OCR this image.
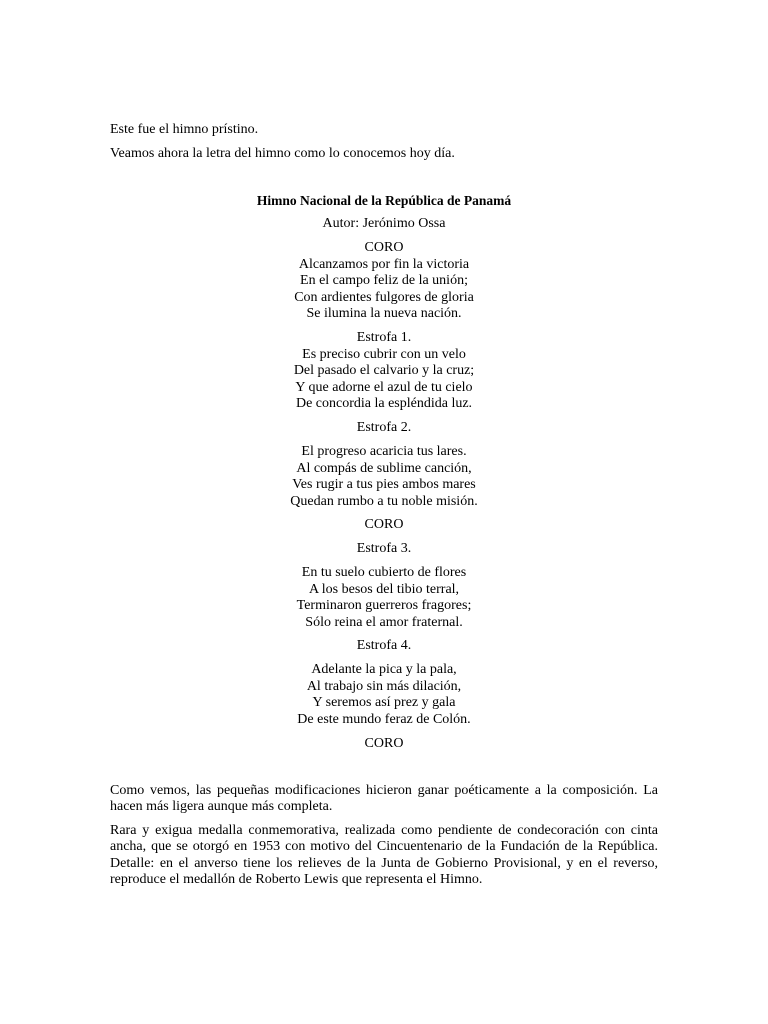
Este fue el himno prístino.

Veamos ahora la letra del himno como lo conocemos hoy día.

Himno Nacional de la República de Panamá
Autor: Jerónimo Ossa
CORO
Alcanzamos por fin la victoria
En el campo feliz de la unión;
Con ardientes fulgores de gloria
Se ilumina la nueva nación.
Estrofa 1.
Es preciso cubrir con un velo
Del pasado el calvario y la cruz;
Y que adorne el azul de tu cielo
De concordia la espléndida luz.
Estrofa 2.
El progreso acaricia tus lares.
Al compás de sublime canción,
Ves rugir a tus pies ambos mares
Quedan rumbo a tu noble misión.
CORO
Estrofa 3.
En tu suelo cubierto de flores
A los besos del tibio terral,
Terminaron guerreros fragores;
Sólo reina el amor fraternal.
Estrofa 4.
Adelante la pica y la pala,
Al trabajo sin más dilación,
Y seremos así prez y gala
De este mundo feraz de Colón.
CORO

Como vemos, las pequeñas modificaciones hicieron ganar poéticamente a la composición. La

hacen más ligera aunque más completa.

Rara y exigua medalla conmemorativa, realizada como pendiente de condecoración con cinta

ancha, que se otorgó en 1953 con motivo del Cincuentenario de la Fundación de la República.

Detalle: en el anverso tiene los relieves de la Junta de Gobierno Provisional, y en el reverso,

reproduce el medallón de Roberto Lewis que representa el Himno.
